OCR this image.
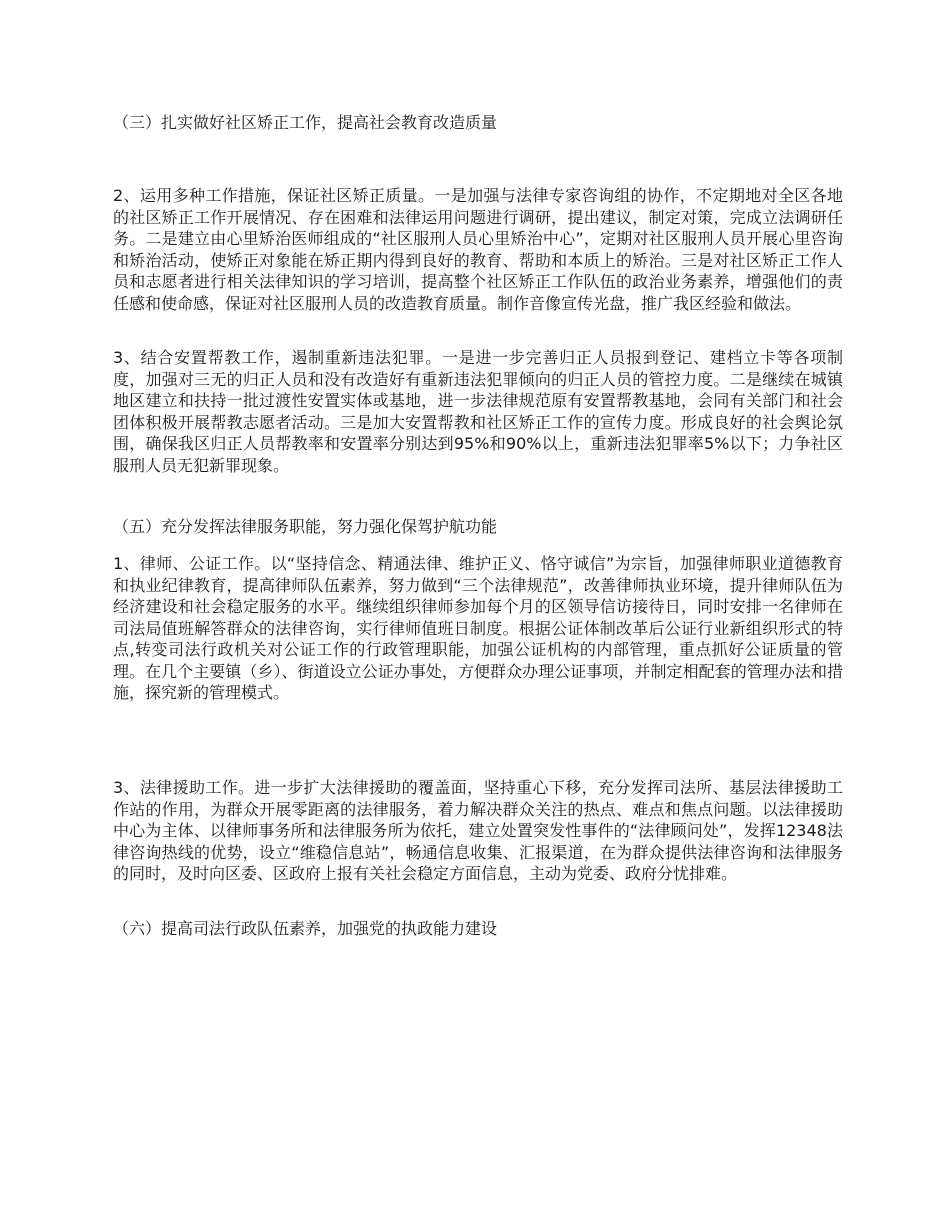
（三）扎实做好社区矫正工作，提高社会教育改造质量
2、运用多种工作措施，保证社区矫正质量。一是加强与法律专家咨询组的协作，不定期地对全区各地的社区矫正工作开展情况、存在困难和法律运用问题进行调研，提出建议，制定对策，完成立法调研任务。二是建立由心里矫治医师组成的“社区服刑人员心里矫治中心”，定期对社区服刑人员开展心里咨询和矫治活动，使矫正对象能在矫正期内得到良好的教育、帮助和本质上的矫治。三是对社区矫正工作人员和志愿者进行相关法律知识的学习培训，提高整个社区矫正工作队伍的政治业务素养，增强他们的责任感和使命感，保证对社区服刑人员的改造教育质量。制作音像宣传光盘，推广我区经验和做法。
3、结合安置帮教工作，遏制重新违法犯罪。一是进一步完善归正人员报到登记、建档立卡等各项制度，加强对三无的归正人员和没有改造好有重新违法犯罪倾向的归正人员的管控力度。二是继续在城镇地区建立和扶持一批过渡性安置实体或基地，进一步法律规范原有安置帮教基地，会同有关部门和社会团体积极开展帮教志愿者活动。三是加大安置帮教和社区矫正工作的宣传力度。形成良好的社会舆论氛围，确保我区归正人员帮教率和安置率分别达到95%和90%以上，重新违法犯罪率5%以下；力争社区服刑人员无犯新罪现象。
（五）充分发挥法律服务职能，努力强化保驾护航功能
1、律师、公证工作。以“坚持信念、精通法律、维护正义、恪守诚信”为宗旨，加强律师职业道德教育和执业纪律教育，提高律师队伍素养，努力做到“三个法律规范”，改善律师执业环境，提升律师队伍为经济建设和社会稳定服务的水平。继续组织律师参加每个月的区领导信访接待日，同时安排一名律师在司法局值班解答群众的法律咨询，实行律师值班日制度。根据公证体制改革后公证行业新组织形式的特点,转变司法行政机关对公证工作的行政管理职能，加强公证机构的内部管理，重点抓好公证质量的管理。在几个主要镇（乡）、街道设立公证办事处，方便群众办理公证事项，并制定相配套的管理办法和措施，探究新的管理模式。
3、法律援助工作。进一步扩大法律援助的覆盖面，坚持重心下移，充分发挥司法所、基层法律援助工作站的作用，为群众开展零距离的法律服务，着力解决群众关注的热点、难点和焦点问题。以法律援助中心为主体、以律师事务所和法律服务所为依托，建立处置突发性事件的“法律顾问处”，发挥12348法律咨询热线的优势，设立“维稳信息站”，畅通信息收集、汇报渠道，在为群众提供法律咨询和法律服务的同时，及时向区委、区政府上报有关社会稳定方面信息，主动为党委、政府分忧排难。
（六）提高司法行政队伍素养，加强党的执政能力建设
